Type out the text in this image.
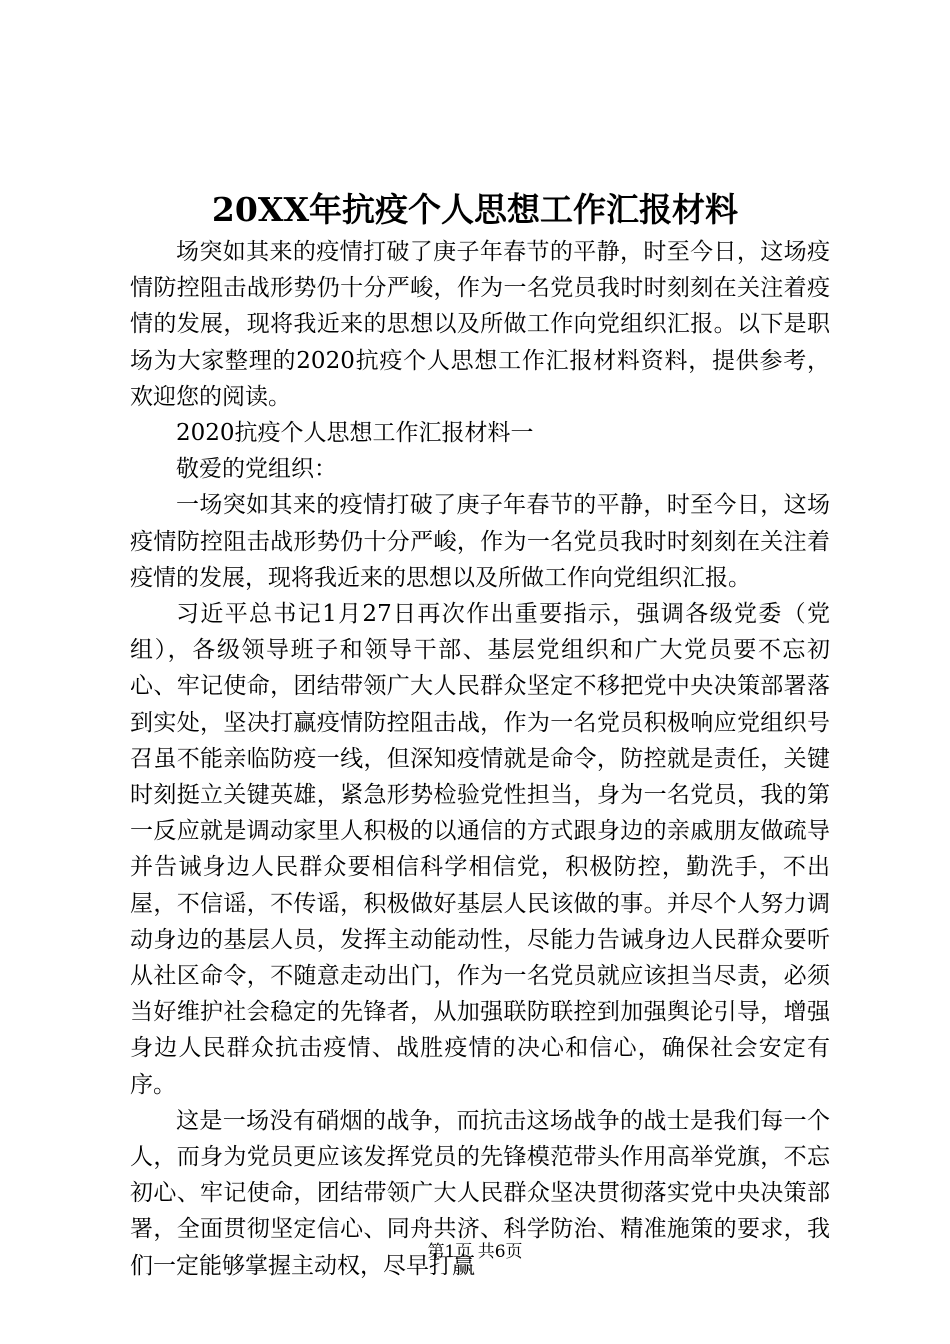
20XX年抗疫个人思想工作汇报材料

场突如其来的疫情打破了庚子年春节的平静，时至今日，这场疫情防控阻击战形势仍十分严峻，作为一名党员我时时刻刻在关注着疫情的发展，现将我近来的思想以及所做工作向党组织汇报。以下是职场为大家整理的2020抗疫个人思想工作汇报材料资料，提供参考，欢迎您的阅读。

2020抗疫个人思想工作汇报材料一

敬爱的党组织：

一场突如其来的疫情打破了庚子年春节的平静，时至今日，这场疫情防控阻击战形势仍十分严峻，作为一名党员我时时刻刻在关注着疫情的发展，现将我近来的思想以及所做工作向党组织汇报。

习近平总书记1月27日再次作出重要指示，强调各级党委（党组），各级领导班子和领导干部、基层党组织和广大党员要不忘初心、牢记使命，团结带领广大人民群众坚定不移把党中央决策部署落到实处，坚决打赢疫情防控阻击战，作为一名党员积极响应党组织号召虽不能亲临防疫一线，但深知疫情就是命令，防控就是责任，关键时刻挺立关键英雄，紧急形势检验党性担当，身为一名党员，我的第一反应就是调动家里人积极的以通信的方式跟身边的亲戚朋友做疏导并告诫身边人民群众要相信科学相信党，积极防控，勤洗手，不出屋，不信谣，不传谣，积极做好基层人民该做的事。并尽个人努力调动身边的基层人员，发挥主动能动性，尽能力告诫身边人民群众要听从社区命令，不随意走动出门，作为一名党员就应该担当尽责，必须当好维护社会稳定的先锋者，从加强联防联控到加强舆论引导，增强身边人民群众抗击疫情、战胜疫情的决心和信心，确保社会安定有序。

这是一场没有硝烟的战争，而抗击这场战争的战士是我们每一个人，而身为党员更应该发挥党员的先锋模范带头作用高举党旗，不忘初心、牢记使命，团结带领广大人民群众坚决贯彻落实党中央决策部署，全面贯彻坚定信心、同舟共济、科学防治、精准施策的要求，我们一定能够掌握主动权，尽早打赢

第1页 共6页
